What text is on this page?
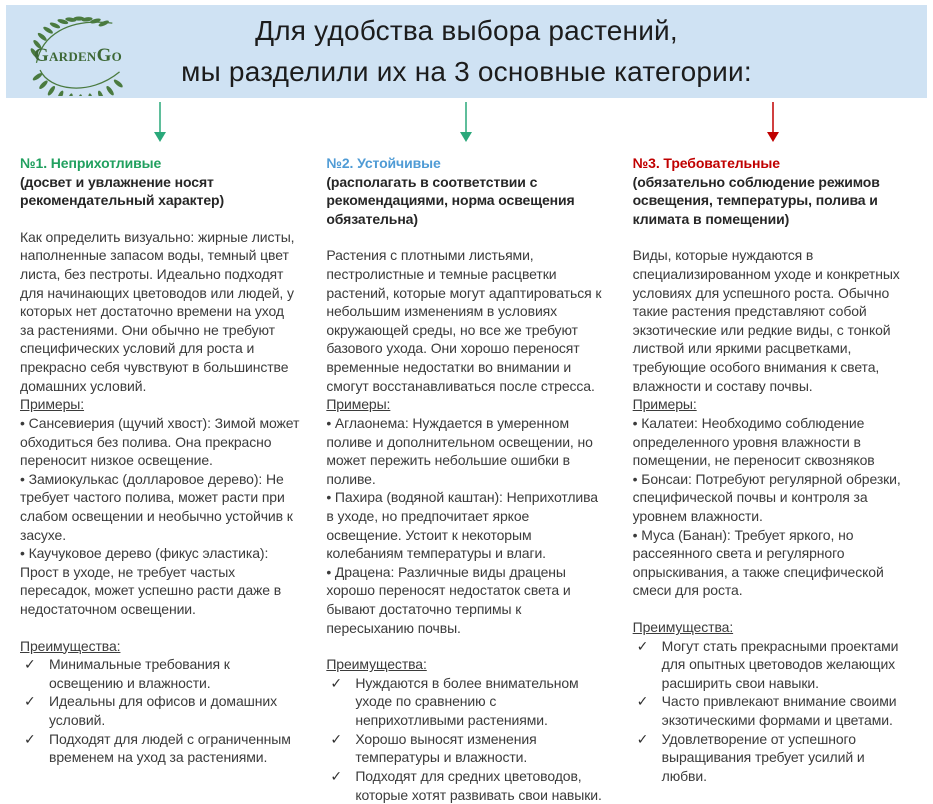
GardenGo
Для удобства выбора растений,
мы разделили их на 3 основные категории:
№1. Неприхотливые

(досвет и увлажнение носят рекомендательный характер)

Как определить визуально: жирные листы, наполненные запасом воды, темный цвет листа, без пестроты. Идеально подходят для начинающих цветоводов или людей, у которых нет достаточно времени на уход за растениями. Они обычно не требуют специфических условий для роста и прекрасно себя чувствуют в большинстве домашних условий.

Примеры:

• Сансевиерия (щучий хвост): Зимой может обходиться без полива. Она прекрасно переносит низкое освещение.

• Замиокулькас (долларовое дерево): Не требует частого полива, может расти при слабом освещении и необычно устойчив к засухе.

• Каучуковое дерево (фикус эластика): Прост в уходе, не требует частых пересадок, может успешно расти даже в недостаточном освещении.

Преимущества:

✓ Минимальные требования к освещению и влажности.

✓ Идеальны для офисов и домашних условий.

✓ Подходят для людей с ограниченным временем на уход за растениями.

№2. Устойчивые

(располагать в соответствии с рекомендациями, норма освещения обязательна)

Растения с плотными листьями, пестролистные и темные расцветки растений, которые могут адаптироваться к небольшим изменениям в условиях окружающей среды, но все же требуют базового ухода. Они хорошо переносят временные недостатки во внимании и смогут восстанавливаться после стресса.

Примеры:

• Аглаонема: Нуждается в умеренном поливе и дополнительном освещении, но может пережить небольшие ошибки в поливе.

• Пахира (водяной каштан): Неприхотлива в уходе, но предпочитает яркое освещение. Устоит к некоторым колебаниям температуры и влаги.

• Драцена: Различные виды драцены хорошо переносят недостаток света и бывают достаточно терпимы к пересыханию почвы.

Преимущества:

✓ Нуждаются в более внимательном уходе по сравнению с неприхотливыми растениями.

✓ Хорошо выносят изменения температуры и влажности.

✓ Подходят для средних цветоводов, которые хотят развивать свои навыки.

№3. Требовательные

(обязательно соблюдение режимов освещения, температуры, полива и климата в помещении)

Виды, которые нуждаются в специализированном уходе и конкретных условиях для успешного роста. Обычно такие растения представляют собой экзотические или редкие виды, с тонкой листвой или яркими расцветками, требующие особого внимания к света, влажности и составу почвы.

Примеры:

• Калатеи: Необходимо соблюдение определенного уровня влажности в помещении, не переносит сквозняков

• Бонсаи: Потребуют регулярной обрезки, специфической почвы и контроля за уровнем влажности.

• Муса (Банан): Требует яркого, но рассеянного света и регулярного опрыскивания, а также специфической смеси для роста.

Преимущества:

✓ Могут стать прекрасными проектами для опытных цветоводов желающих расширить свои навыки.

✓ Часто привлекают внимание своими экзотическими формами и цветами.

✓ Удовлетворение от успешного выращивания требует усилий и любви.
